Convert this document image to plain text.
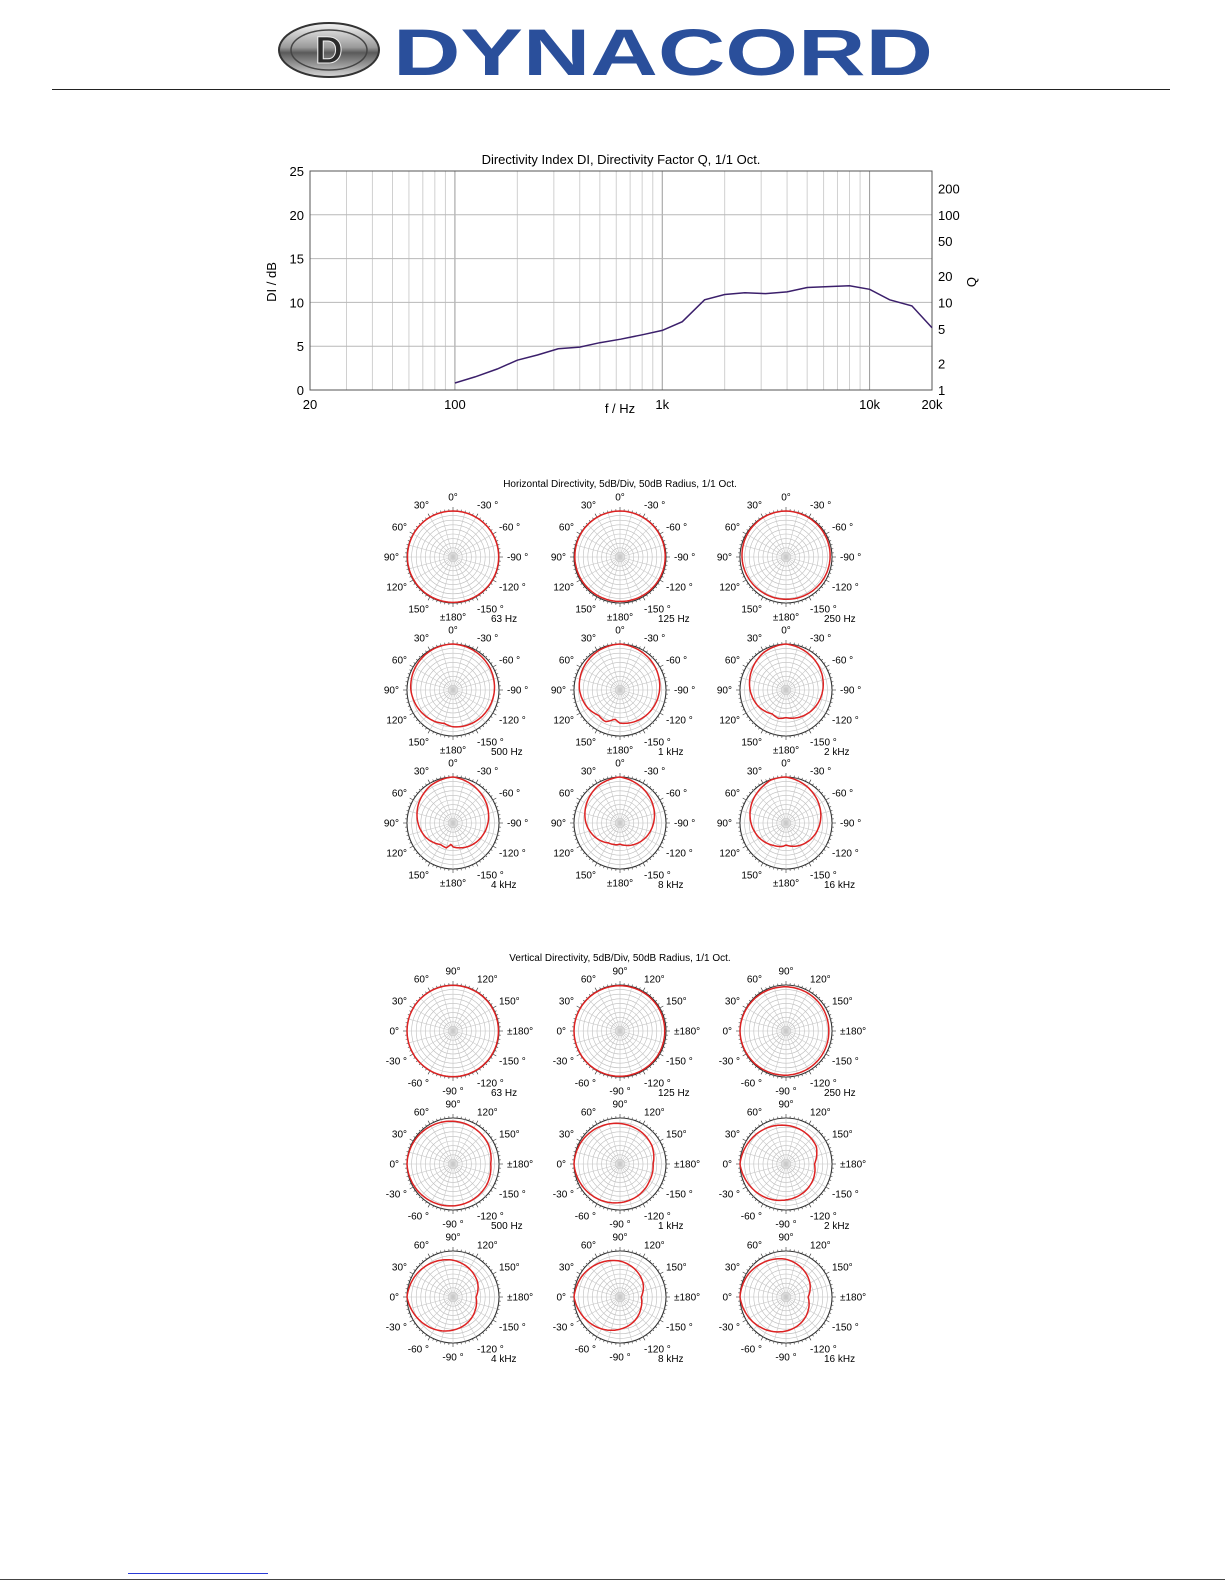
D DYNACORD
20	100	1k	10k	20k
0
5
10
15
20
25
1
2
5
10
20
50
100
200
Directivity Index DI, Directivity Factor Q, 1/1 Oct.
f / Hz
DI / dB	Q
Horizontal Directivity, 5dB/Div, 50dB Radius, 1/1 Oct.
0°
30°
60°
90°
120°
150°
±180°
-150 °
-120 °
-90 °
-60 °
-30 °
63 Hz
0°
30°
60°
90°
120°
150°
±180°
-150 °
-120 °
-90 °
-60 °
-30 °
125 Hz
0°
30°
60°
90°
120°
150°
±180°
-150 °
-120 °
-90 °
-60 °
-30 °
250 Hz
0°
30°
60°
90°
120°
150°
±180°
-150 °
-120 °
-90 °
-60 °
-30 °
500 Hz
0°
30°
60°
90°
120°
150°
±180°
-150 °
-120 °
-90 °
-60 °
-30 °
1 kHz
0°
30°
60°
90°
120°
150°
±180°
-150 °
-120 °
-90 °
-60 °
-30 °
2 kHz
0°
30°
60°
90°
120°
150°
±180°
-150 °
-120 °
-90 °
-60 °
-30 °
4 kHz
0°
30°
60°
90°
120°
150°
±180°
-150 °
-120 °
-90 °
-60 °
-30 °
8 kHz
0°
30°
60°
90°
120°
150°
±180°
-150 °
-120 °
-90 °
-60 °
-30 °
16 kHz
Vertical Directivity, 5dB/Div, 50dB Radius, 1/1 Oct.
90°
60°
30°
0°
-30 °
-60 °
-90 °
-120 °
-150 °
±180°
150°
120°
63 Hz
90°
60°
30°
0°
-30 °
-60 °
-90 °
-120 °
-150 °
±180°
150°
120°
125 Hz
90°
60°
30°
0°
-30 °
-60 °
-90 °
-120 °
-150 °
±180°
150°
120°
250 Hz
90°
60°
30°
0°
-30 °
-60 °
-90 °
-120 °
-150 °
±180°
150°
120°
500 Hz
90°
60°
30°
0°
-30 °
-60 °
-90 °
-120 °
-150 °
±180°
150°
120°
1 kHz
90°
60°
30°
0°
-30 °
-60 °
-90 °
-120 °
-150 °
±180°
150°
120°
2 kHz
90°
60°
30°
0°
-30 °
-60 °
-90 °
-120 °
-150 °
±180°
150°
120°
4 kHz
90°
60°
30°
0°
-30 °
-60 °
-90 °
-120 °
-150 °
±180°
150°
120°
8 kHz
90°
60°
30°
0°
-30 °
-60 °
-90 °
-120 °
-150 °
±180°
150°
120°
16 kHz
